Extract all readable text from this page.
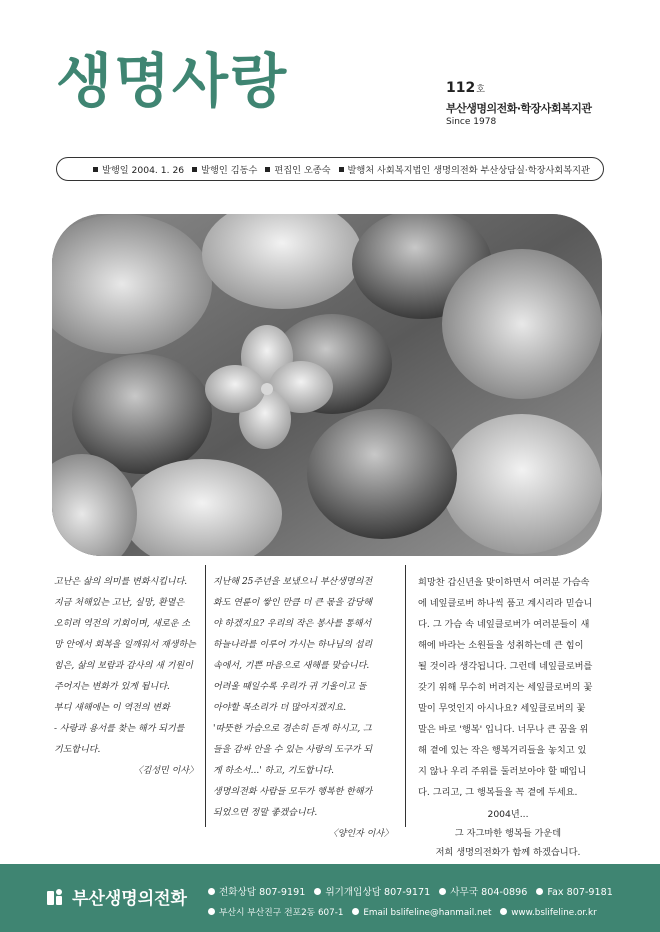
생명사랑	112호
부산생명의전화·학장사회복지관
Since 1978
발행일 2004. 1. 26	발행인 김동수	편집인 오종숙	발행처 사회복지법인 생명의전화 부산상담실·학장사회복지관

고난은 삶의 의미를 변화시킵니다.

지금 처해있는 고난, 실망, 환멸은

오히려 역전의 기회이며, 새로운 소

망 안에서 회복을 일깨워서 재생하는

힘은, 삶의 보람과 감사의 새 기원이

주어지는 변화가 있게 됩니다.

부디 새해에는 이 역전의 변화

- 사랑과 용서를 찾는 해가 되기를

기도합니다.

〈김성민 이사〉

지난해 25주년을 보냈으니 부산생명의전

화도 연륜이 쌓인 만큼 더 큰 몫을 감당해

야 하겠지요? 우리의 작은 봉사를 통해서

하늘나라를 이루어 가시는 하나님의 섭리

속에서, 기쁜 마음으로 새해를 맞습니다.

어려울 때일수록 우리가 귀 기울이고 돌

아야할 목소리가 더 많아지겠지요.

'따뜻한 가슴으로 경손히 듣게 하시고, 그

들을 감싸 안을 수 있는 사랑의 도구가 되

게 하소서...' 하고, 기도합니다.

생명의전화 사람들 모두가 행복한 한해가

되었으면 정말 좋겠습니다.

〈양인자 이사〉

희망찬 갑신년을 맞이하면서 여러분 가슴속

에 네잎클로버 하나씩 품고 계시리라 믿습니

다. 그 가슴 속 네잎클로버가 여러분들이 새

해에 바라는 소원들을 성취하는데 큰 힘이

될 것이라 생각됩니다. 그런데 네잎클로버를

갖기 위해 무수히 버려지는 세잎클로버의 꽃

말이 무엇인지 아시나요? 세잎클로버의 꽃

말은 바로 '행복' 입니다. 너무나 큰 꿈을 위

해 곁에 있는 작은 행복거리들을 놓치고 있

지 않나 우리 주위를 둘러보아야 할 때입니

다. 그리고, 그 행복들을 꼭 곁에 두세요.

2004년...

그 자그마한 행복들 가운데

저희 생명의전화가 함께 하겠습니다.

부산생명의전화	전화상담 807-9191 위기개입상담 807-9171 사무국 804-0896 Fax 807-9181
부산시 부산진구 전포2동 607-1 Email bslifeline@hanmail.net www.bslifeline.or.kr
